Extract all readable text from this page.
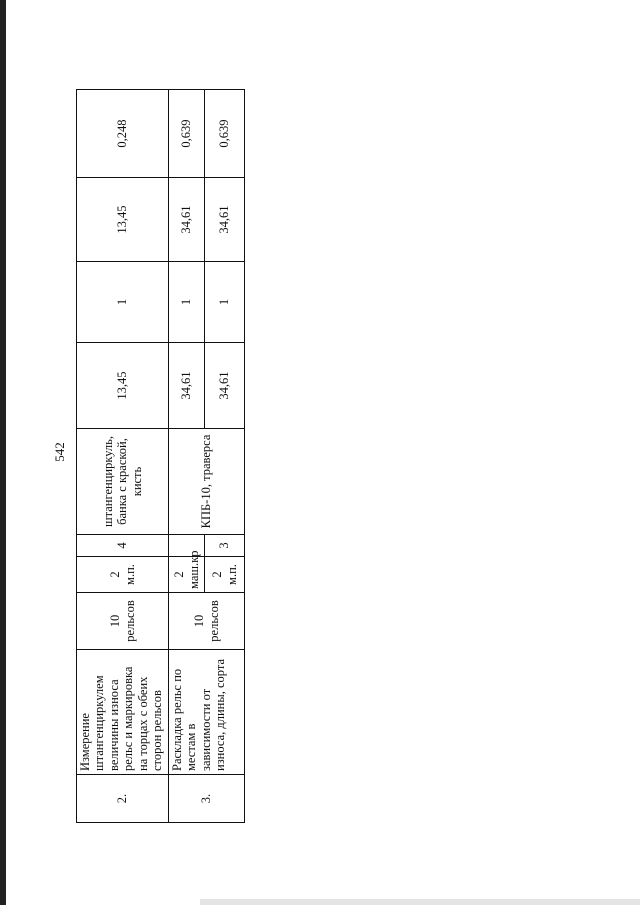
542
2.	Измерение штангенциркулем величины износа рельс и маркировка на торцах с обеих сторон рельсов	10 рельсов	2 м.п.	4	штангенциркуль, банка с краской, кисть	13,45	1	13,45	0,248
3.	Раскладка рельс по местам в зависимости от износа, длины, сорта	10 рельсов	2 маш.кр		КПБ-10, траверса	34,61	1	34,61	0,639
			2 м.п.	3		34,61	1	34,61	0,639
